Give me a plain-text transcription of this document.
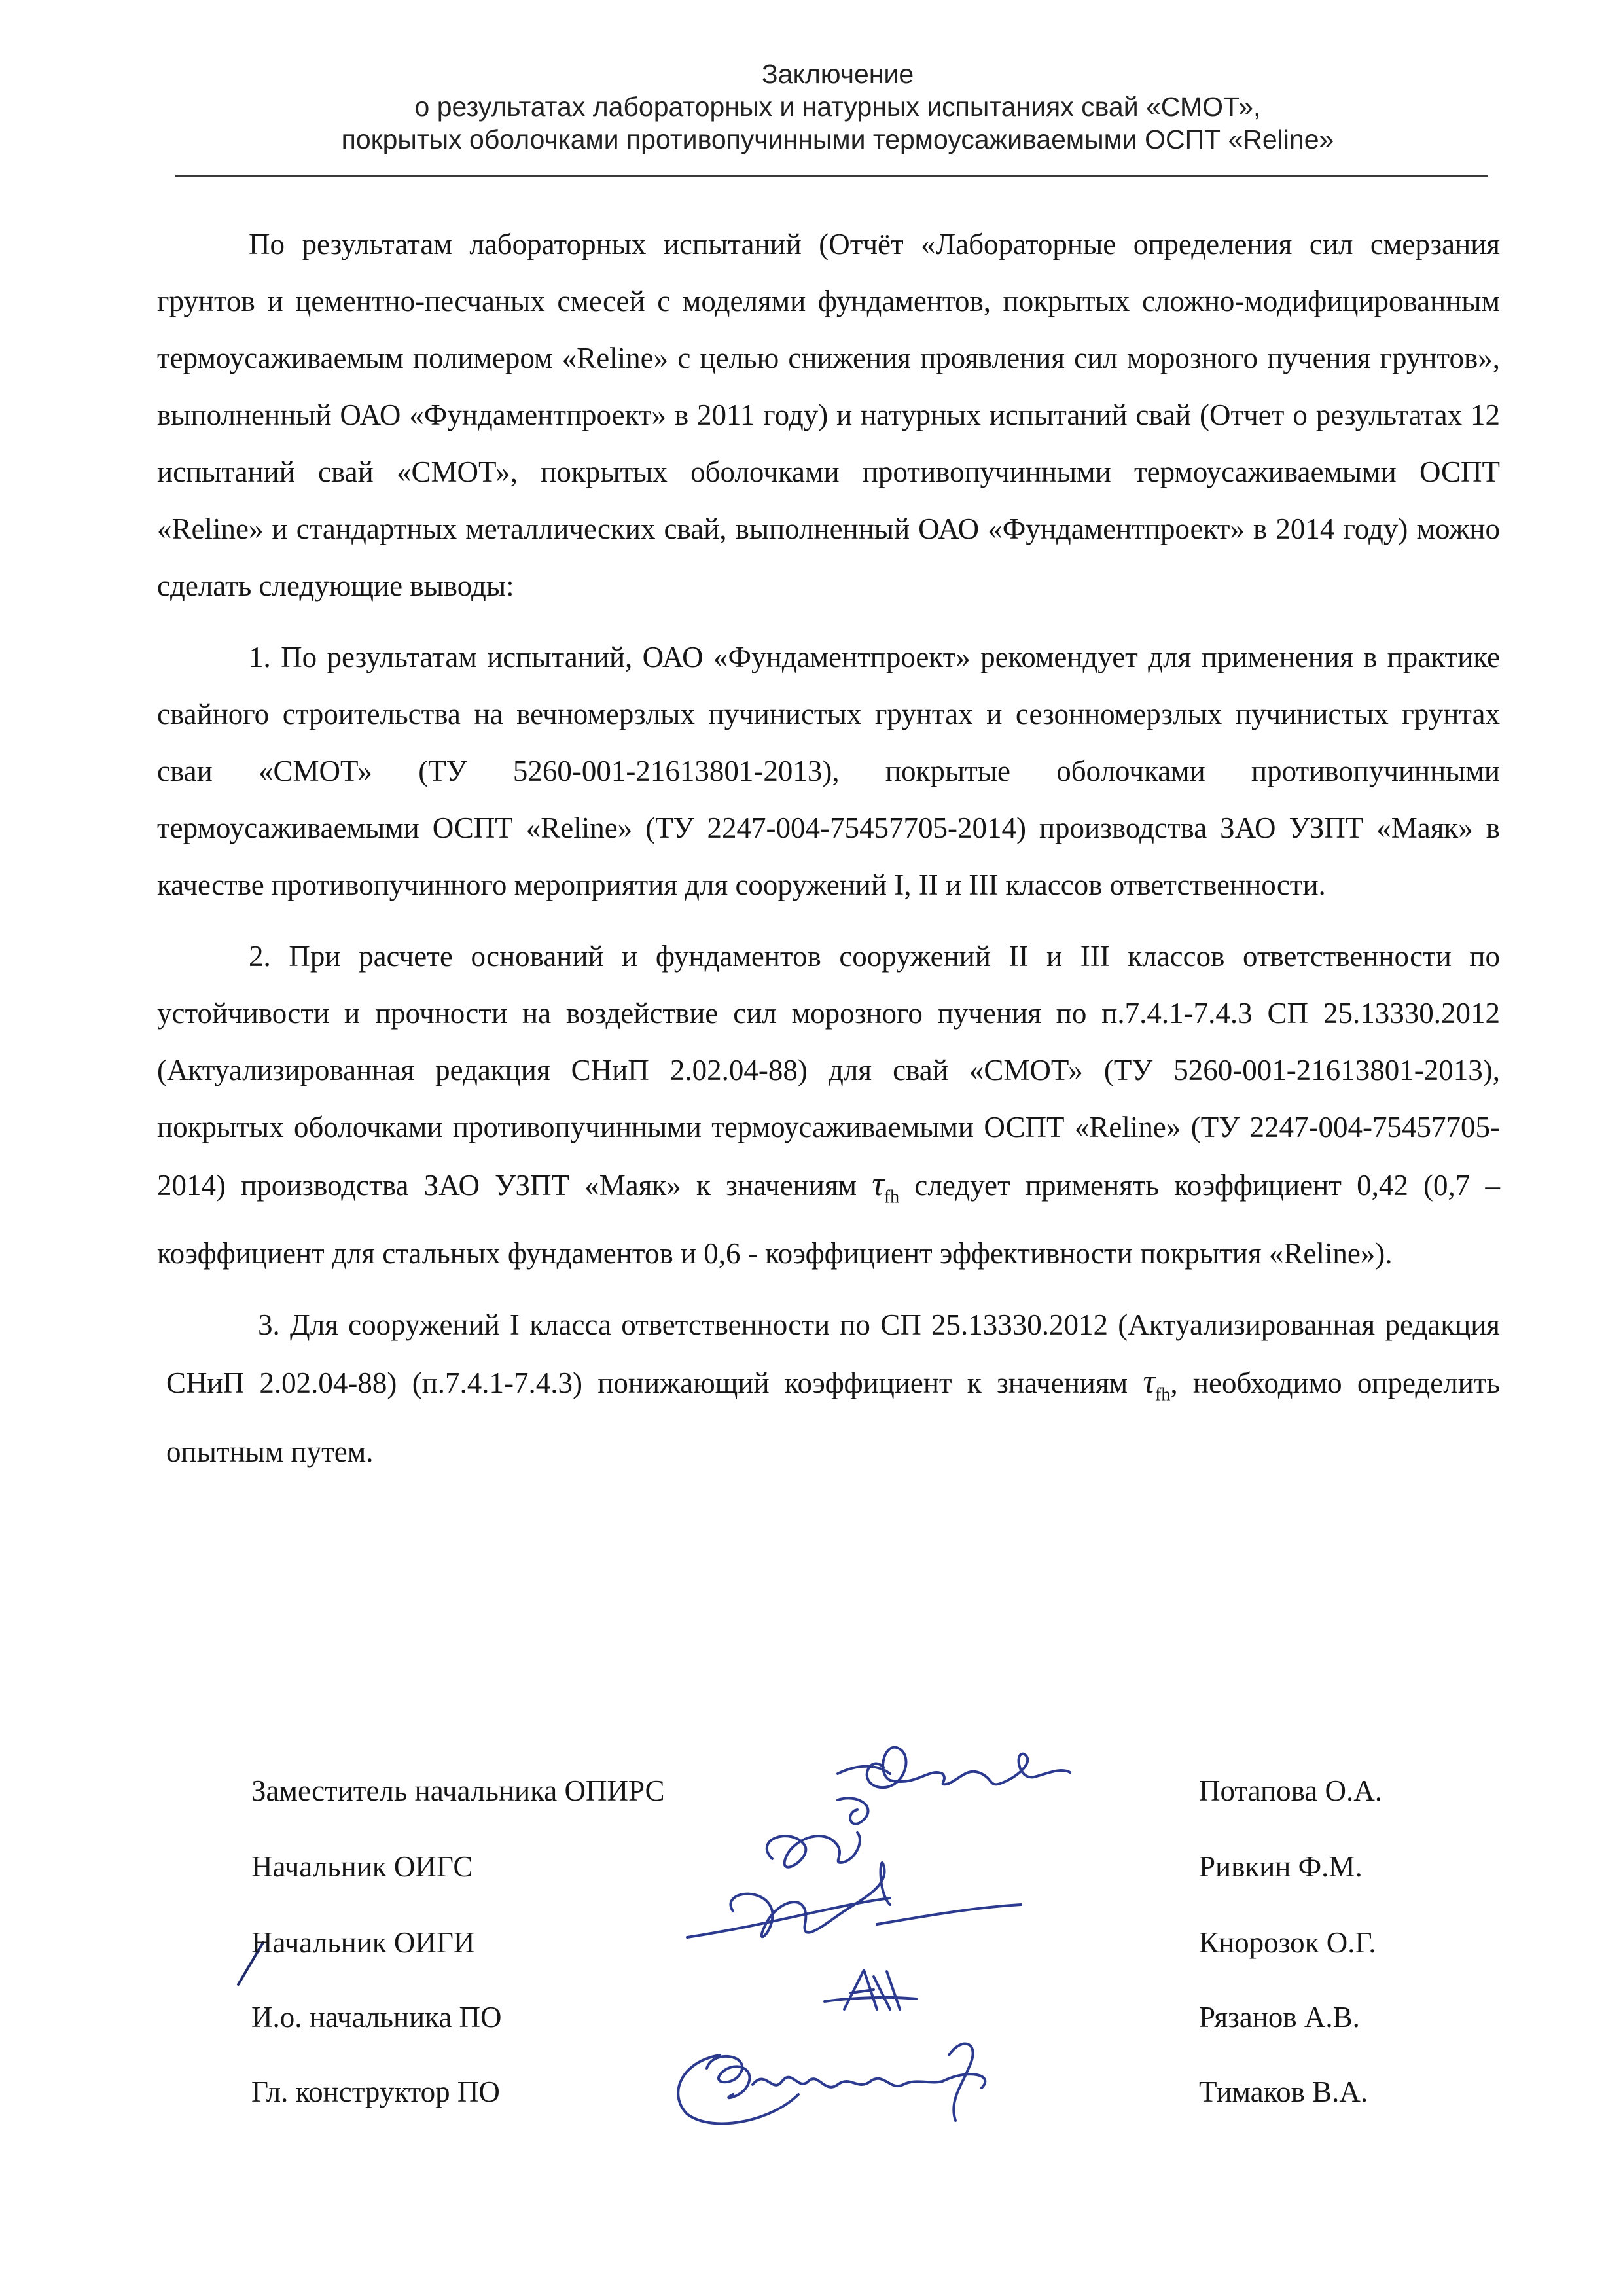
Заключение
о результатах лабораторных и натурных испытаниях свай «СМОТ»,
покрытых оболочками противопучинными термоусаживаемыми ОСПТ «Reline»

По результатам лабораторных испытаний (Отчёт «Лабораторные определения сил смерзания грунтов и цементно-песчаных смесей с моделями фундаментов, покрытых сложно-модифицированным термоусаживаемым полимером «Reline» с целью снижения проявления сил морозного пучения грунтов», выполненный ОАО «Фундаментпроект» в 2011 году) и натурных испытаний свай (Отчет о результатах 12 испытаний свай «СМОТ», покрытых оболочками противопучинными термоусаживаемыми ОСПТ «Reline» и стандартных металлических свай, выполненный ОАО «Фундаментпроект» в 2014 году) можно сделать следующие выводы:

1. По результатам испытаний, ОАО «Фундаментпроект» рекомендует для применения в практике свайного строительства на вечномерзлых пучинистых грунтах и сезонномерзлых пучинистых грунтах сваи «СМОТ» (ТУ 5260-001-21613801-2013), покрытые оболочками противопучинными термоусаживаемыми ОСПТ «Reline» (ТУ 2247-004-75457705-2014) производства ЗАО УЗПТ «Маяк» в качестве противопучинного мероприятия для сооружений I, II и III классов ответственности.

2. При расчете оснований и фундаментов сооружений II и III классов ответственности по устойчивости и прочности на воздействие сил морозного пучения по п.7.4.1-7.4.3 СП 25.13330.2012 (Актуализированная редакция СНиП 2.02.04-88) для свай «СМОТ» (ТУ 5260-001-21613801-2013), покрытых оболочками противопучинными термоусаживаемыми ОСПТ «Reline» (ТУ 2247-004-75457705-2014) производства ЗАО УЗПТ «Маяк» к значениям $\tau_{fh}$ следует применять коэффициент 0,42 (0,7 – коэффициент для стальных фундаментов и 0,6 - коэффициент эффективности покрытия «Reline»).

3. Для сооружений I класса ответственности по СП 25.13330.2012 (Актуализированная редакция СНиП 2.02.04-88) (п.7.4.1-7.4.3) понижающий коэффициент к значениям $\tau_{fh}$, необходимо определить опытным путем.

Заместитель начальника ОПИРС	Потапова О.А.
Начальник ОИГС	Ривкин Ф.М.
Начальник ОИГИ	Кнорозок О.Г.
И.о. начальника ПО	Рязанов А.В.
Гл. конструктор ПО	Тимаков В.А.
